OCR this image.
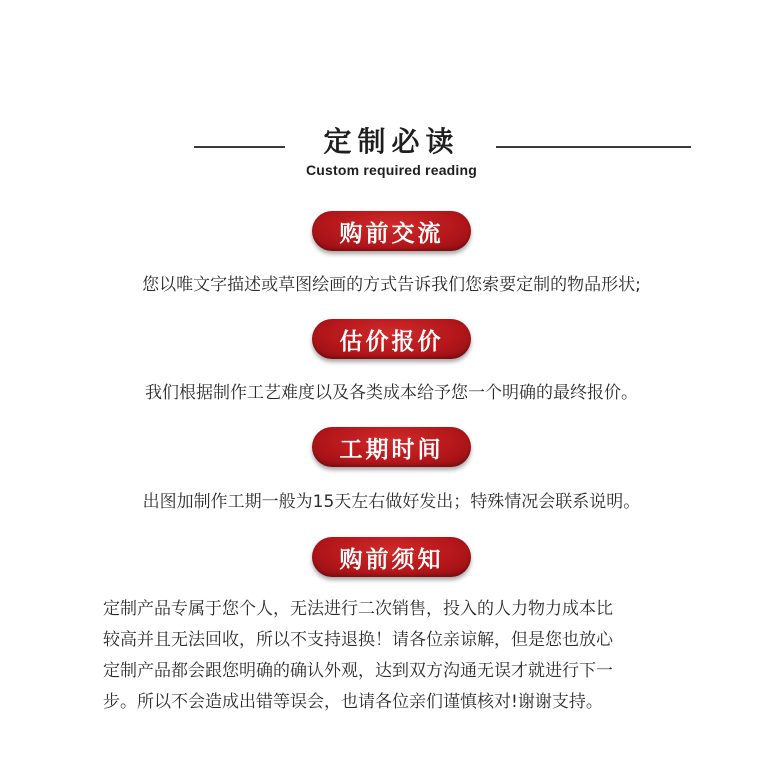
定制必读
Custom required reading
购前交流
您以唯文字描述或草图绘画的方式告诉我们您索要定制的物品形状;
估价报价
我们根据制作工艺难度以及各类成本给予您一个明确的最终报价。
工期时间
出图加制作工期一般为15天左右做好发出；特殊情况会联系说明。
购前须知
定制产品专属于您个人，无法进行二次销售，投入的人力物力成本比
较高并且无法回收，所以不支持退换！请各位亲谅解，但是您也放心
定制产品都会跟您明确的确认外观，达到双方沟通无误才就进行下一
步。所以不会造成出错等误会，也请各位亲们谨慎核对!谢谢支持。
